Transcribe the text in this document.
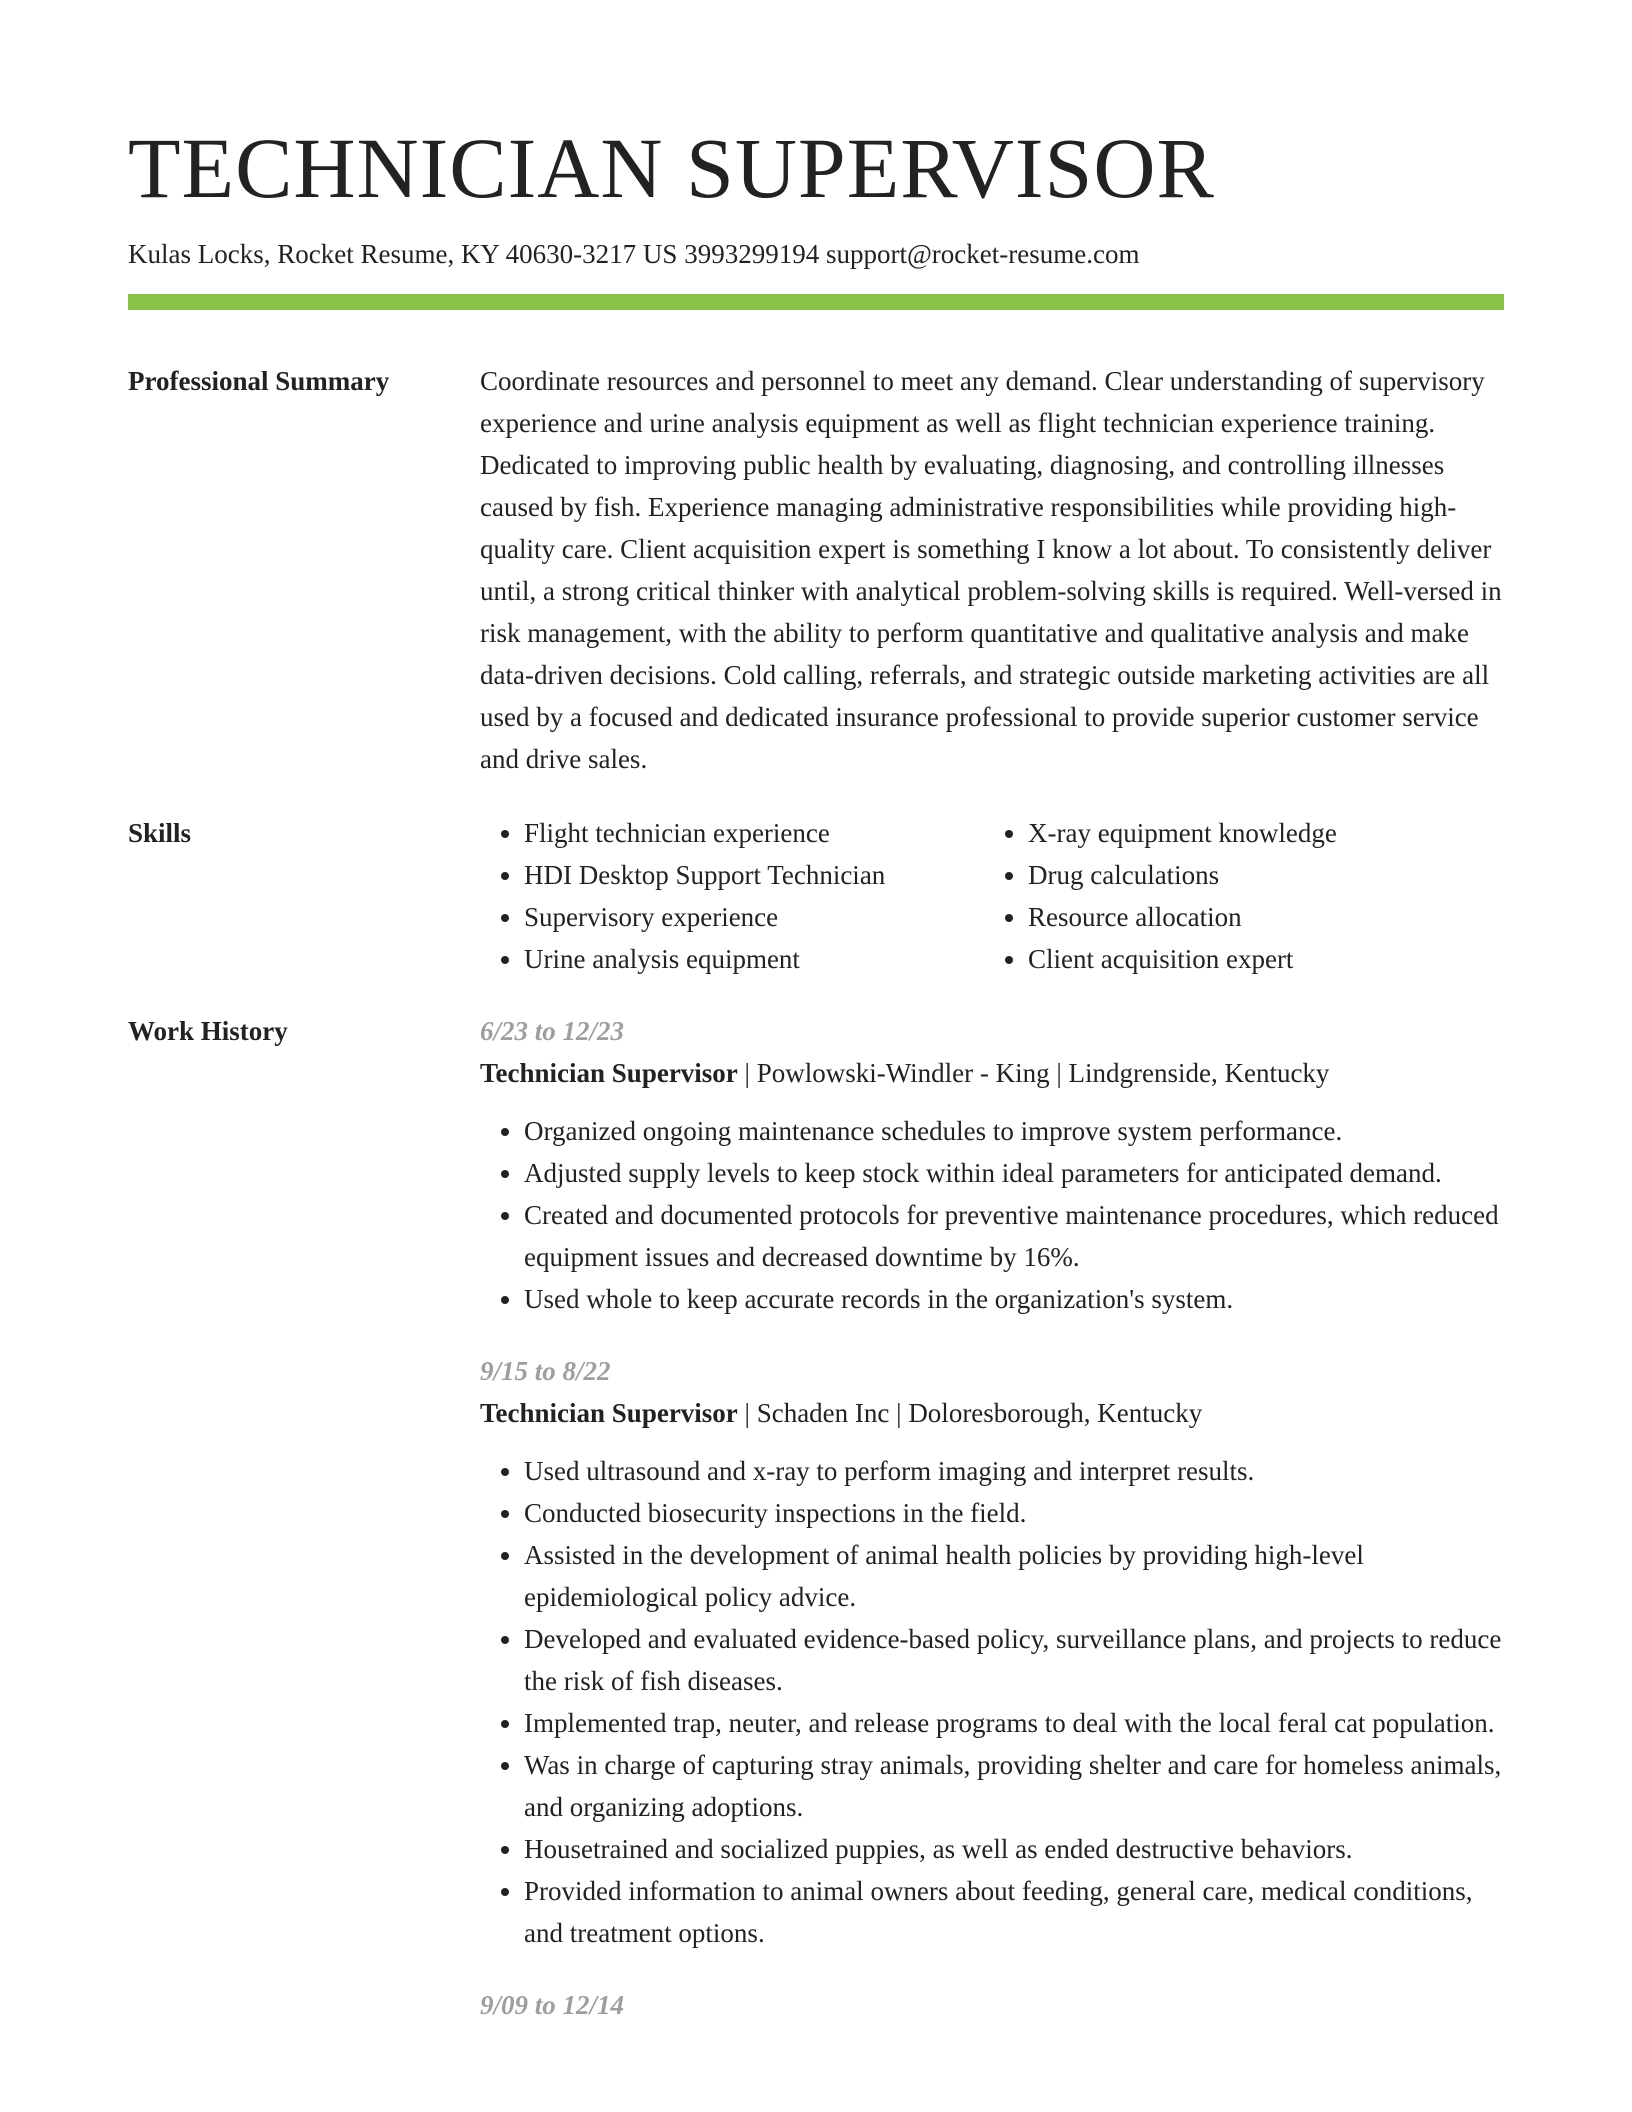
TECHNICIAN SUPERVISOR
Kulas Locks, Rocket Resume, KY 40630-3217 US 3993299194 support@rocket-resume.com
Professional Summary	Coordinate resources and personnel to meet any demand. Clear understanding of supervisory experience and urine analysis equipment as well as flight technician experience training. Dedicated to improving public health by evaluating, diagnosing, and controlling illnesses caused by fish. Experience managing administrative responsibilities while providing high-quality care. Client acquisition expert is something I know a lot about. To consistently deliver until, a strong critical thinker with analytical problem-solving skills is required. Well-versed in risk management, with the ability to perform quantitative and qualitative analysis and make data-driven decisions. Cold calling, referrals, and strategic outside marketing activities are all used by a focused and dedicated insurance professional to provide superior customer service and drive sales.

Skills
•	Flight technician experience
• HDI Desktop Support Technician
• Supervisory experience
• Urine analysis equipment
• X-ray equipment knowledge
• Drug calculations
• Resource allocation
• Client acquisition expert
Work History	6/23 to 12/23
Technician Supervisor | Powlowski-Windler - King | Lindgrenside, Kentucky
• Organized ongoing maintenance schedules to improve system performance.
• Adjusted supply levels to keep stock within ideal parameters for anticipated demand.
• Created and documented protocols for preventive maintenance procedures, which reduced equipment issues and decreased downtime by 16%.
• Used whole to keep accurate records in the organization's system.
9/15 to 8/22
Technician Supervisor | Schaden Inc | Doloresborough, Kentucky
• Used ultrasound and x-ray to perform imaging and interpret results.
• Conducted biosecurity inspections in the field.
• Assisted in the development of animal health policies by providing high-level epidemiological policy advice.
• Developed and evaluated evidence-based policy, surveillance plans, and projects to reduce the risk of fish diseases.
• Implemented trap, neuter, and release programs to deal with the local feral cat population.
• Was in charge of capturing stray animals, providing shelter and care for homeless animals, and organizing adoptions.
• Housetrained and socialized puppies, as well as ended destructive behaviors.
• Provided information to animal owners about feeding, general care, medical conditions, and treatment options.
9/09 to 12/14
